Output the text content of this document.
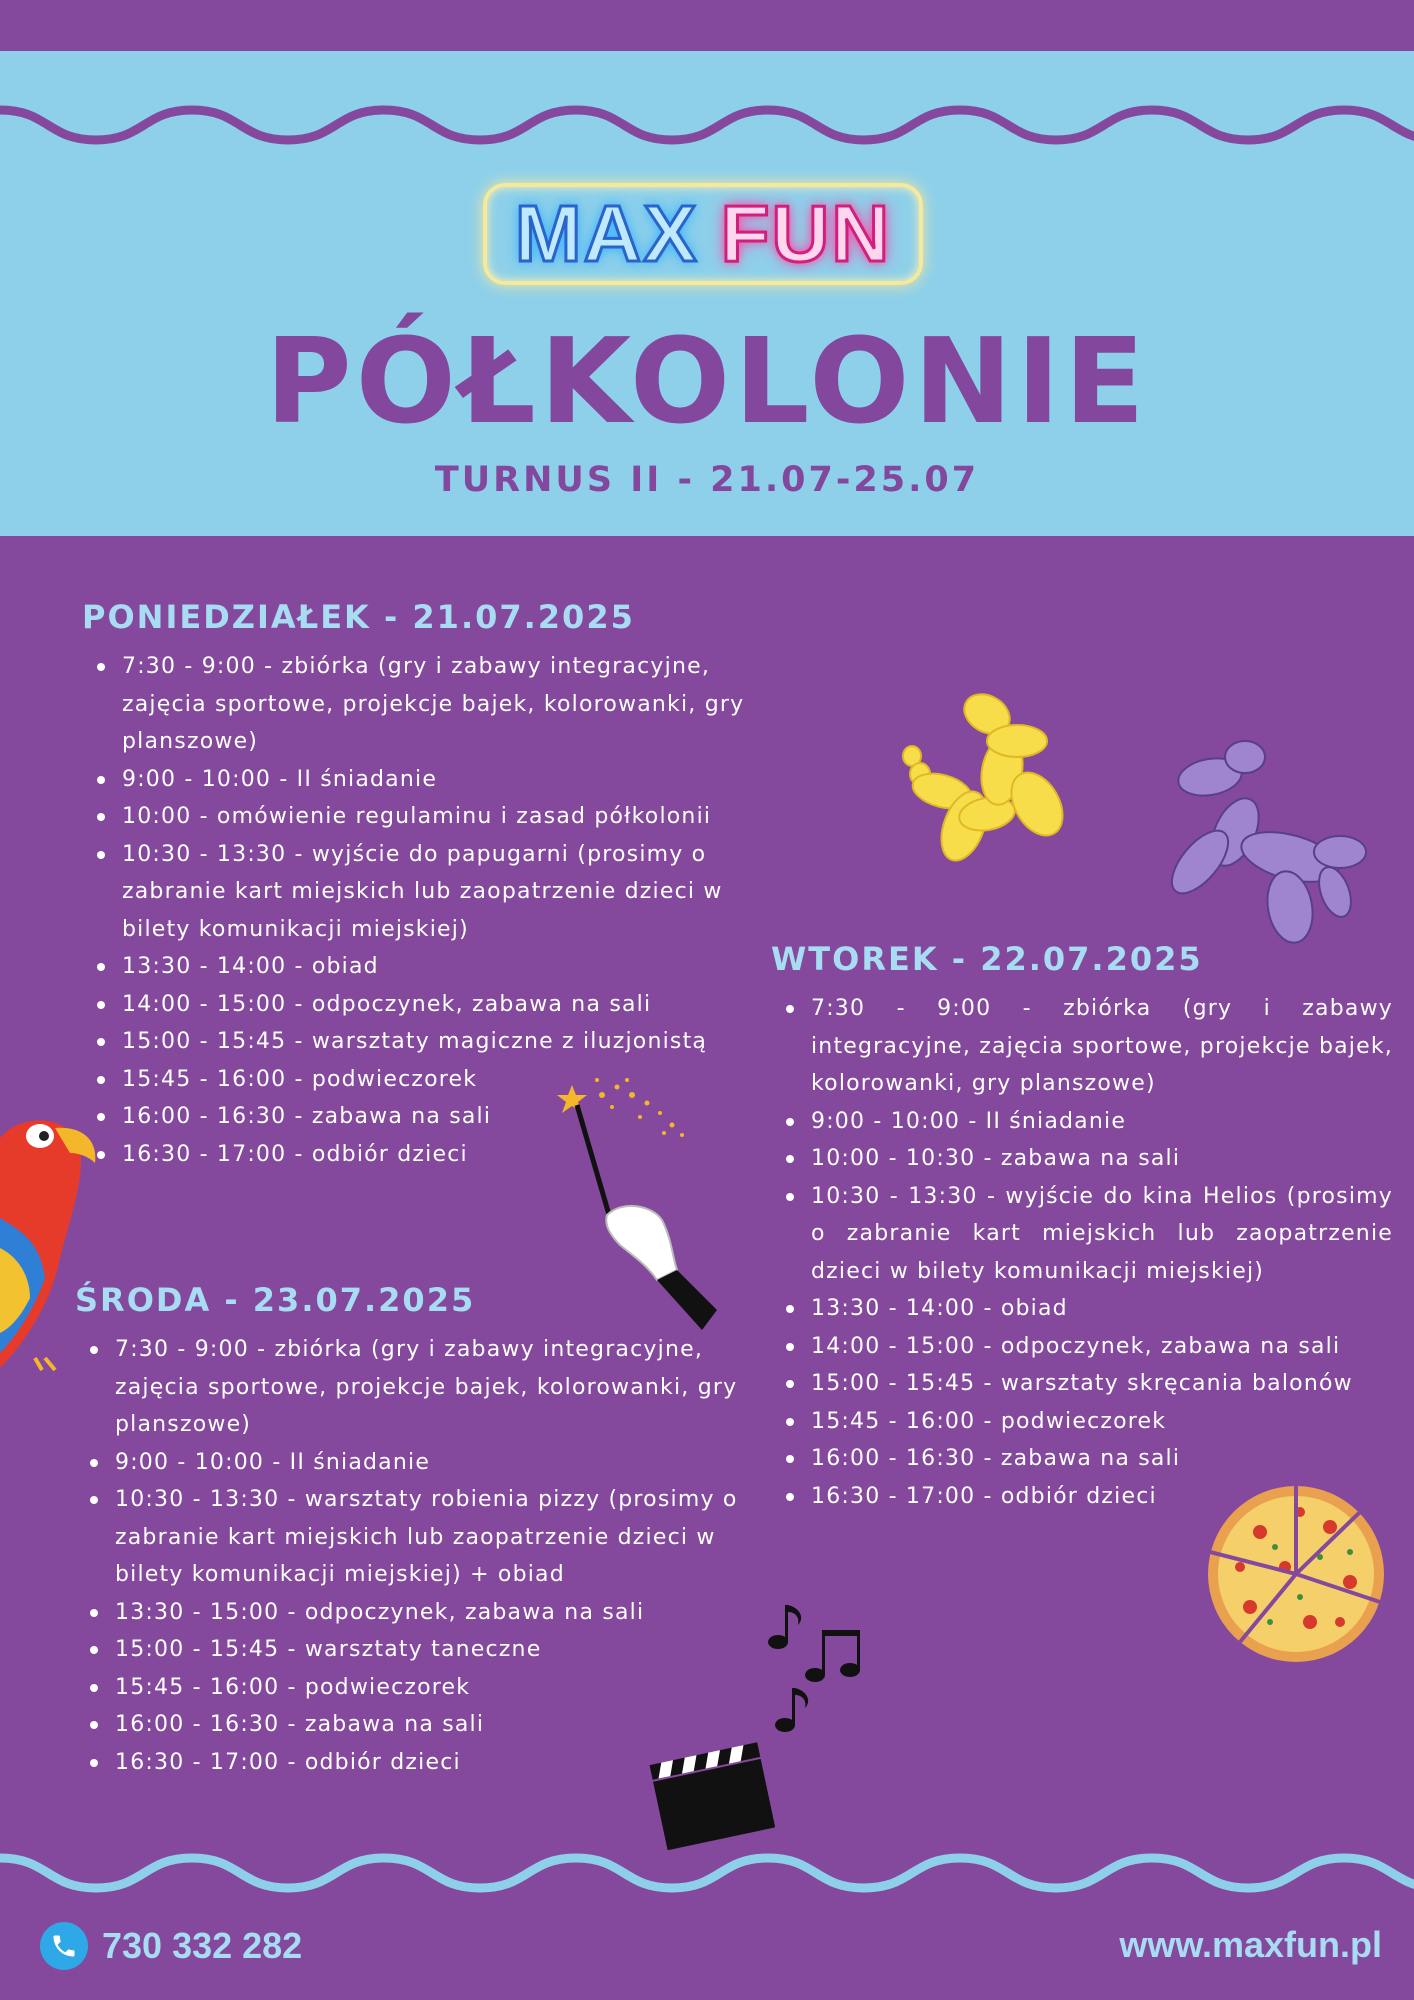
MAX FUN
PÓŁKOLONIE
TURNUS II - 21.07-25.07
PONIEDZIAŁEK - 21.07.2025
7:30 - 9:00 - zbiórka (gry i zabawy integracyjne, zajęcia sportowe, projekcje bajek, kolorowanki, gry planszowe)
9:00 - 10:00 - II śniadanie
10:00 - omówienie regulaminu i zasad półkolonii
10:30 - 13:30 - wyjście do papugarni (prosimy o zabranie kart miejskich lub zaopatrzenie dzieci w bilety komunikacji miejskiej)
13:30 - 14:00 - obiad
14:00 - 15:00 - odpoczynek, zabawa na sali
15:00 - 15:45 - warsztaty magiczne z iluzjonistą
15:45 - 16:00 - podwieczorek
16:00 - 16:30 - zabawa na sali
16:30 - 17:00 - odbiór dzieci
WTOREK - 22.07.2025
7:30 - 9:00 - zbiórka (gry i zabawy integracyjne, zajęcia sportowe, projekcje bajek, kolorowanki, gry planszowe)
9:00 - 10:00 - II śniadanie
10:00 - 10:30 - zabawa na sali
10:30 - 13:30 - wyjście do kina Helios (prosimy o zabranie kart miejskich lub zaopatrzenie dzieci w bilety komunikacji miejskiej)
13:30 - 14:00 - obiad
14:00 - 15:00 - odpoczynek, zabawa na sali
15:00 - 15:45 - warsztaty skręcania balonów
15:45 - 16:00 - podwieczorek
16:00 - 16:30 - zabawa na sali
16:30 - 17:00 - odbiór dzieci
ŚRODA - 23.07.2025
7:30 - 9:00 - zbiórka (gry i zabawy integracyjne, zajęcia sportowe, projekcje bajek, kolorowanki, gry planszowe)
9:00 - 10:00 - II śniadanie
10:30 - 13:30 - warsztaty robienia pizzy (prosimy o zabranie kart miejskich lub zaopatrzenie dzieci w bilety komunikacji miejskiej) + obiad
13:30 - 15:00 - odpoczynek, zabawa na sali
15:00 - 15:45 - warsztaty taneczne
15:45 - 16:00 - podwieczorek
16:00 - 16:30 - zabawa na sali
16:30 - 17:00 - odbiór dzieci
730 332 282	www.maxfun.pl
